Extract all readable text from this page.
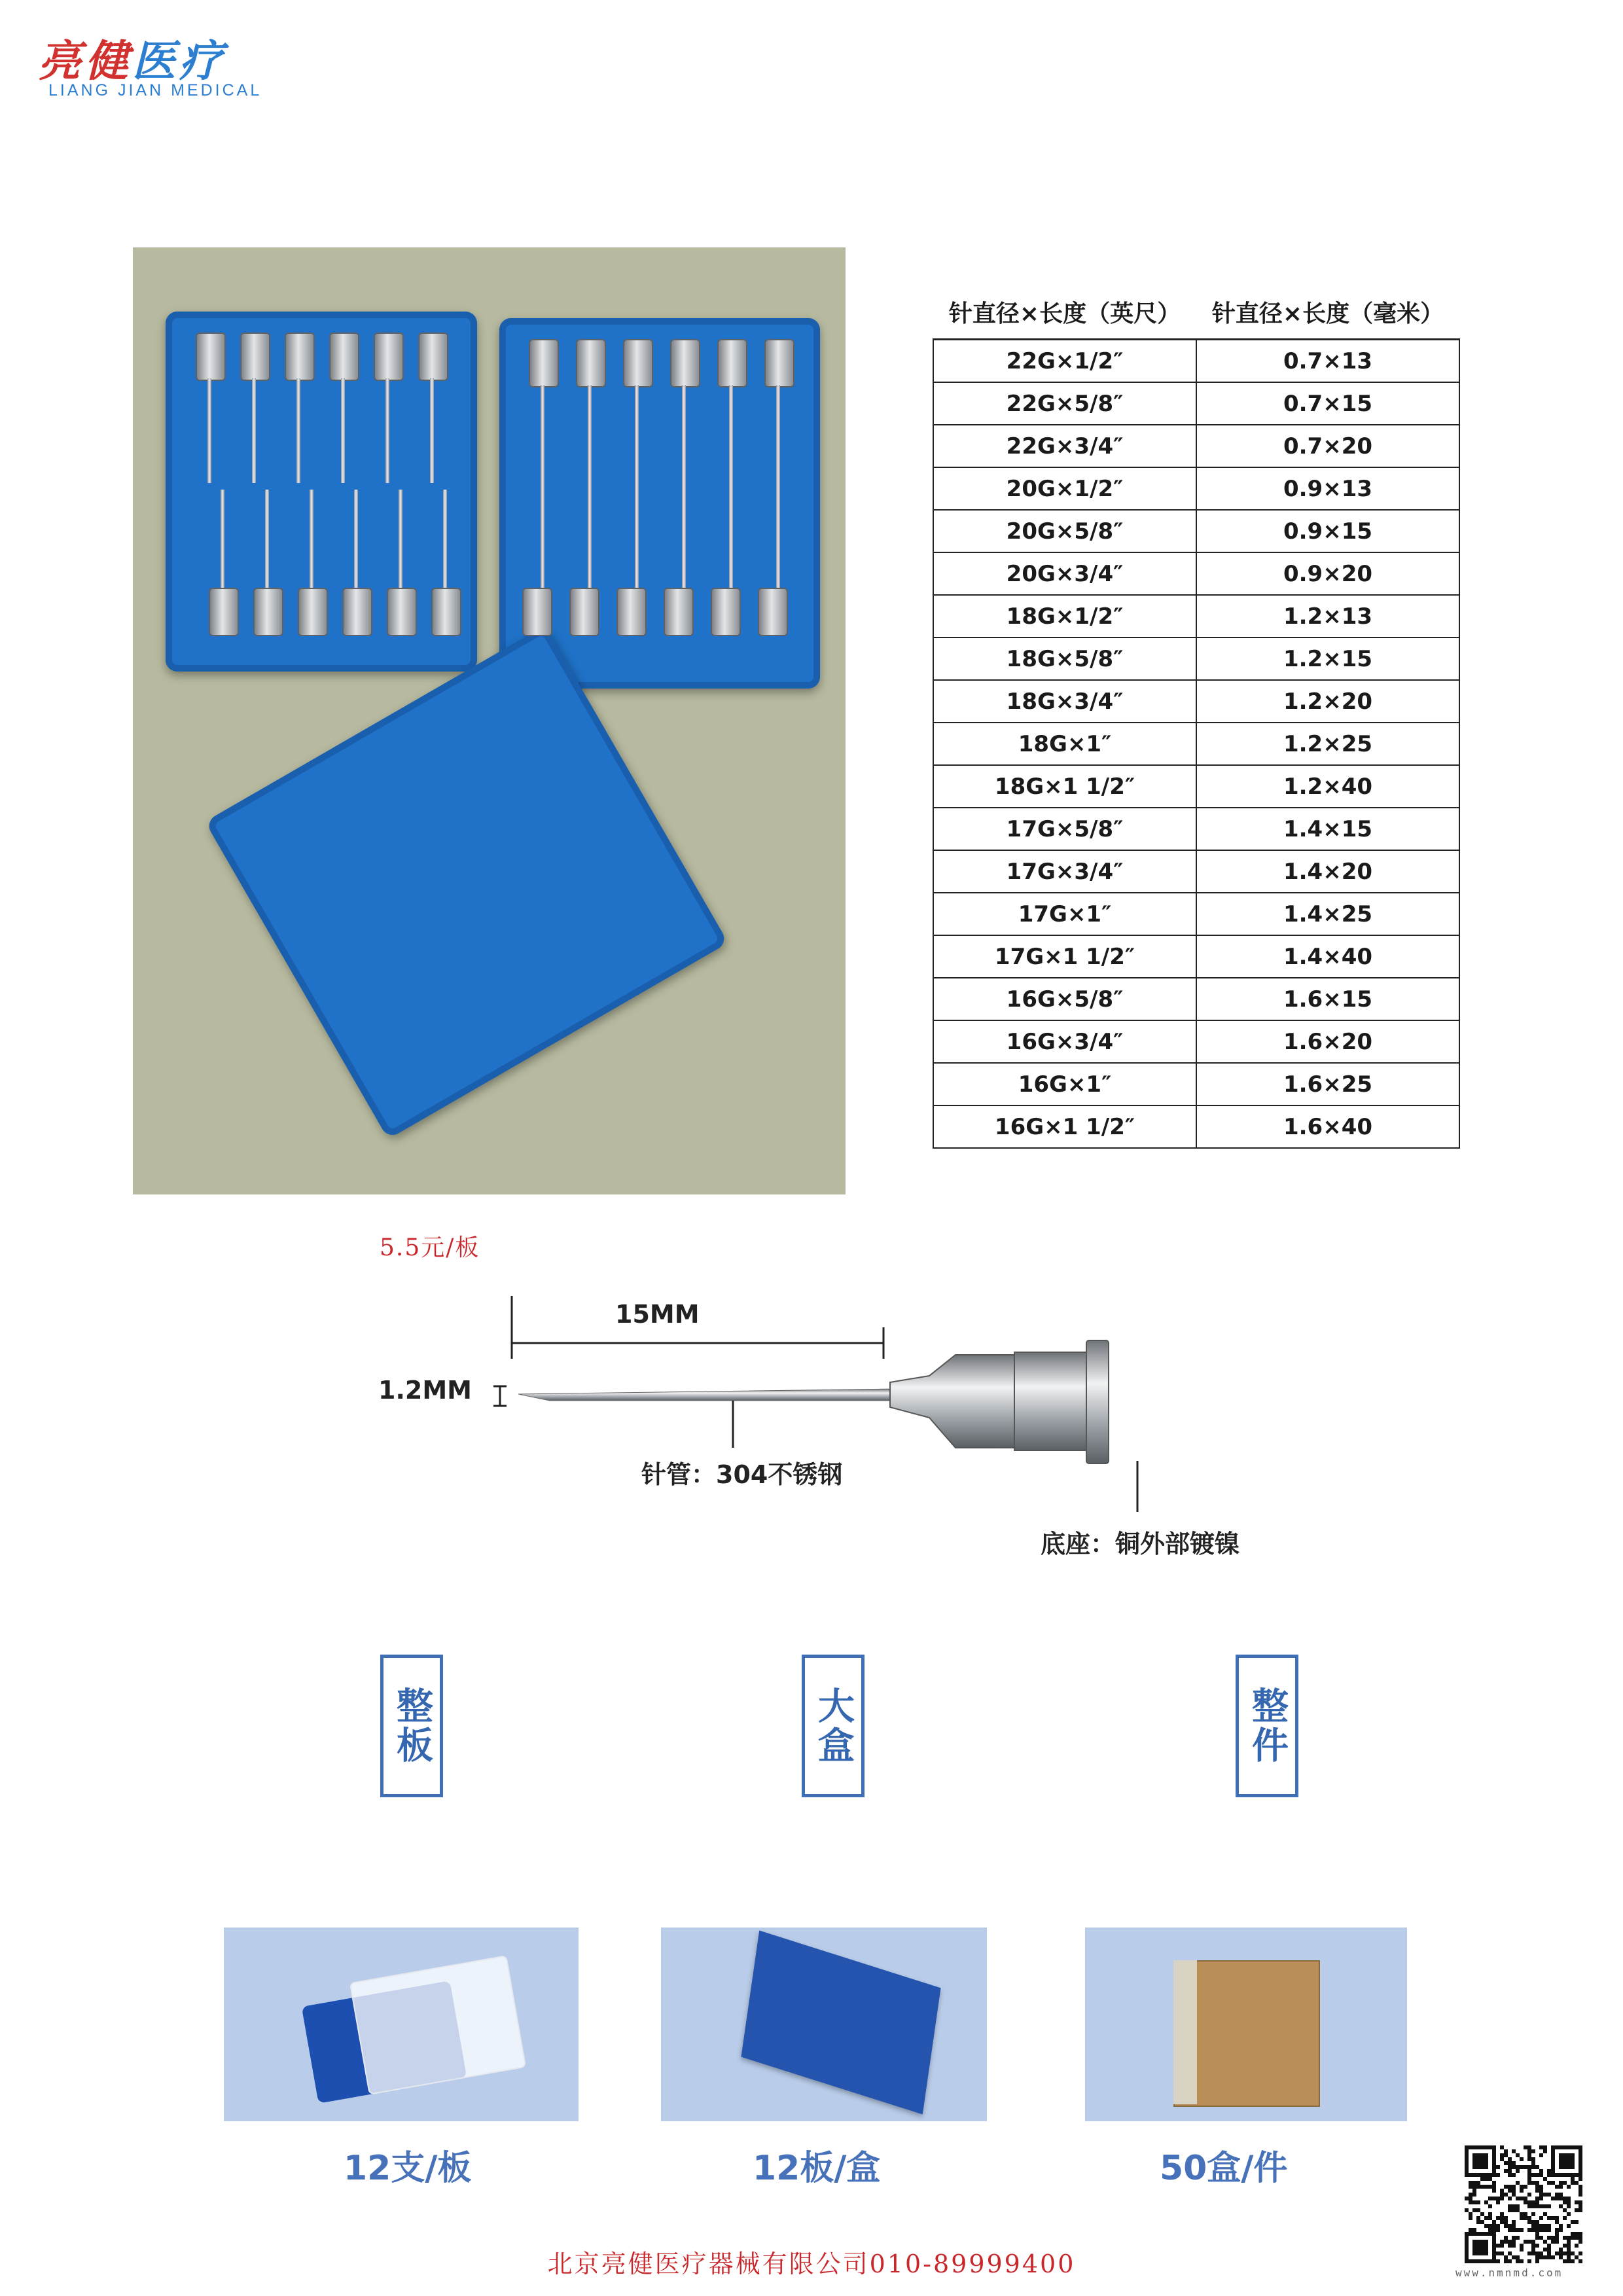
亮健医疗
LIANG JIAN MEDICAL
针直径×长度（英尺）	针直径×长度（毫米）
22G×1/2″	0.7×13
22G×5/8″	0.7×15
22G×3/4″	0.7×20
20G×1/2″	0.9×13
20G×5/8″	0.9×15
20G×3/4″	0.9×20
18G×1/2″	1.2×13
18G×5/8″	1.2×15
18G×3/4″	1.2×20
18G×1″	1.2×25
18G×1 1/2″	1.2×40
17G×5/8″	1.4×15
17G×3/4″	1.4×20
17G×1″	1.4×25
17G×1 1/2″	1.4×40
16G×5/8″	1.6×15
16G×3/4″	1.6×20
16G×1″	1.6×25
16G×1 1/2″	1.6×40
5.5元/板
15MM
1.2MM
针管：304不锈钢
底座：铜外部镀镍
整板	大盒	整件
12支/板	12板/盒	50盒/件
www.nmnmd.com
北京亮健医疗器械有限公司010-89999400
